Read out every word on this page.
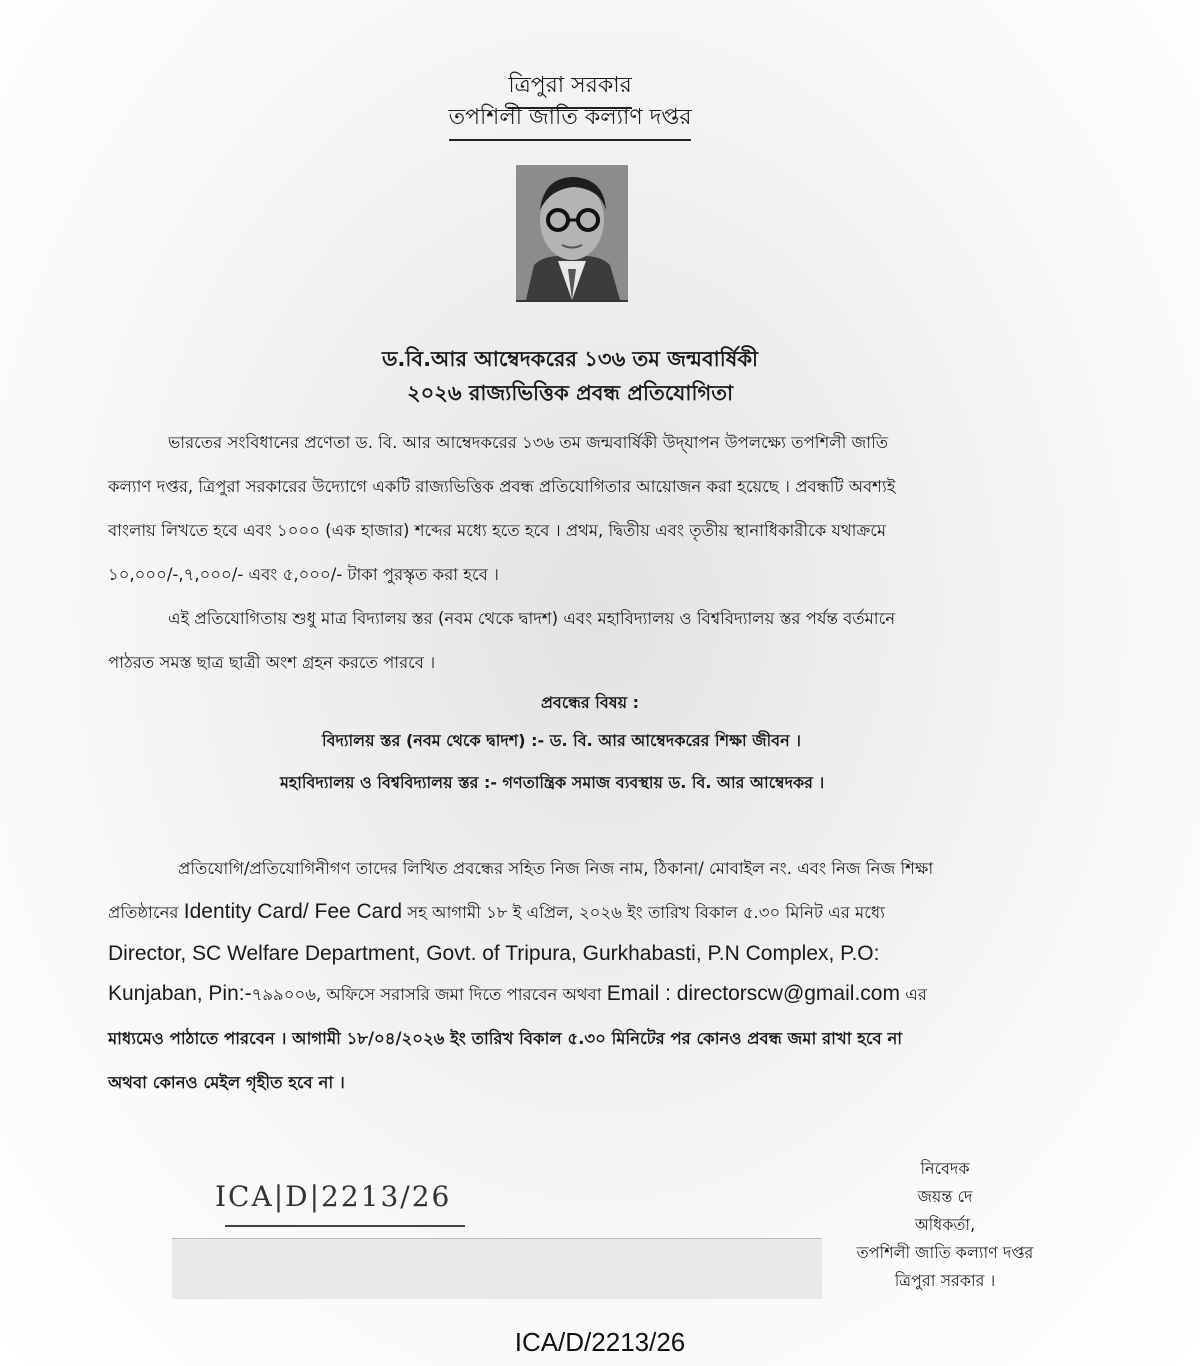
ত্রিপুরা সরকার
তপশিলী জাতি কল্যাণ দপ্তর
ড.বি.আর আম্বেদকরের ১৩৬ তম জন্মবার্ষিকী
২০২৬ রাজ্যভিত্তিক প্রবন্ধ প্রতিযোগিতা
ভারতের সংবিধানের প্রণেতা ড. বি. আর আম্বেদকরের ১৩৬ তম জন্মবার্ষিকী উদ্‌যাপন উপলক্ষ্যে তপশিলী জাতি
কল্যাণ দপ্তর, ত্রিপুরা সরকারের উদ্যোগে একটি রাজ্যভিত্তিক প্রবন্ধ প্রতিযোগিতার আয়োজন করা হয়েছে । প্রবন্ধটি অবশ্যই
বাংলায় লিখতে হবে এবং ১০০০ (এক হাজার) শব্দের মধ্যে হতে হবে । প্রথম, দ্বিতীয় এবং তৃতীয় স্থানাধিকারীকে যথাক্রমে
১০,০০০/-,৭,০০০/- এবং ৫,০০০/- টাকা পুরস্কৃত করা হবে ।
এই প্রতিযোগিতায় শুধু মাত্র বিদ্যালয় স্তর (নবম থেকে দ্বাদশ) এবং মহাবিদ্যালয় ও বিশ্ববিদ্যালয় স্তর পর্যন্ত বর্তমানে
পাঠরত সমস্ত ছাত্র ছাত্রী অংশ গ্রহন করতে পারবে ।
প্রবন্ধের বিষয় :
বিদ্যালয় স্তর (নবম থেকে দ্বাদশ) :- ড. বি. আর আম্বেদকরের শিক্ষা জীবন ।
মহাবিদ্যালয় ও বিশ্ববিদ্যালয় স্তর :- গণতান্ত্রিক সমাজ ব্যবস্থায় ড. বি. আর আম্বেদকর ।
প্রতিযোগি/প্রতিযোগিনীগণ তাদের লিখিত প্রবন্ধের সহিত নিজ নিজ নাম, ঠিকানা/ মোবাইল নং. এবং নিজ নিজ শিক্ষা
প্রতিষ্ঠানের Identity Card/ Fee Card সহ আগামী ১৮ ই এপ্রিল, ২০২৬ ইং তারিখ বিকাল ৫.৩০ মিনিট এর মধ্যে
Director, SC Welfare Department, Govt. of Tripura, Gurkhabasti, P.N Complex, P.O:
Kunjaban, Pin:-৭৯৯০০৬, অফিসে সরাসরি জমা দিতে পারবেন অথবা Email : directorscw@gmail.com এর
মাধ্যমেও পাঠাতে পারবেন । আগামী ১৮/০৪/২০২৬ ইং তারিখ বিকাল ৫.৩০ মিনিটের পর কোনও প্রবন্ধ জমা রাখা হবে না
অথবা কোনও মেইল গৃহীত হবে না ।
নিবেদক
জয়ন্ত দে
অধিকর্তা,
তপশিলী জাতি কল্যাণ দপ্তর
ত্রিপুরা সরকার ।
ICA|D|2213/26
ICA/D/2213/26
